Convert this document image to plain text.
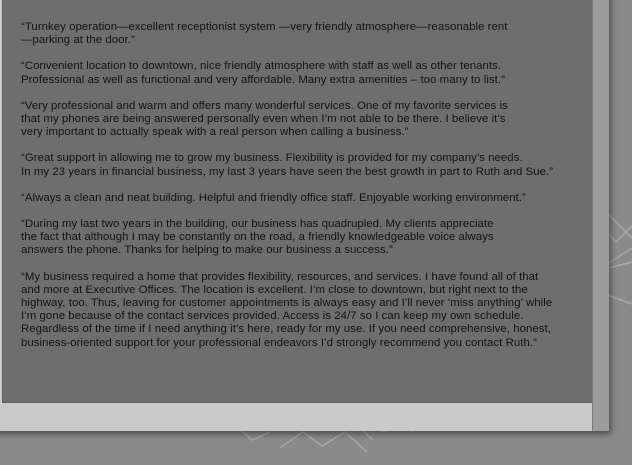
“Turnkey operation—excellent receptionist system —very friendly atmosphere—reasonable rent
—parking at the door.”
“Convenient location to downtown, nice friendly atmosphere with staff as well as other tenants.
Professional as well as functional and very affordable. Many extra amenities – too many to list.”
“Very professional and warm and offers many wonderful services. One of my favorite services is
that my phones are being answered personally even when I’m not able to be there. I believe it’s
very important to actually speak with a real person when calling a business.”
“Great support in allowing me to grow my business. Flexibility is provided for my company’s needs.
In my 23 years in financial business, my last 3 years have seen the best growth in part to Ruth and Sue.”
“Always a clean and neat building. Helpful and friendly office staff. Enjoyable working environment.”
“During my last two years in the building, our business has quadrupled. My clients appreciate
the fact that although I may be constantly on the road, a friendly knowledgeable voice always
answers the phone. Thanks for helping to make our business a success.”
“My business required a home that provides flexibility, resources, and services. I have found all of that
and more at Executive Offices. The location is excellent. I’m close to downtown, but right next to the
highway, too. Thus, leaving for customer appointments is always easy and I’ll never ‘miss anything’ while
I’m gone because of the contact services provided. Access is 24/7 so I can keep my own schedule.
Regardless of the time if I need anything it’s here, ready for my use. If you need comprehensive, honest,
business-oriented support for your professional endeavors I’d strongly recommend you contact Ruth.”
